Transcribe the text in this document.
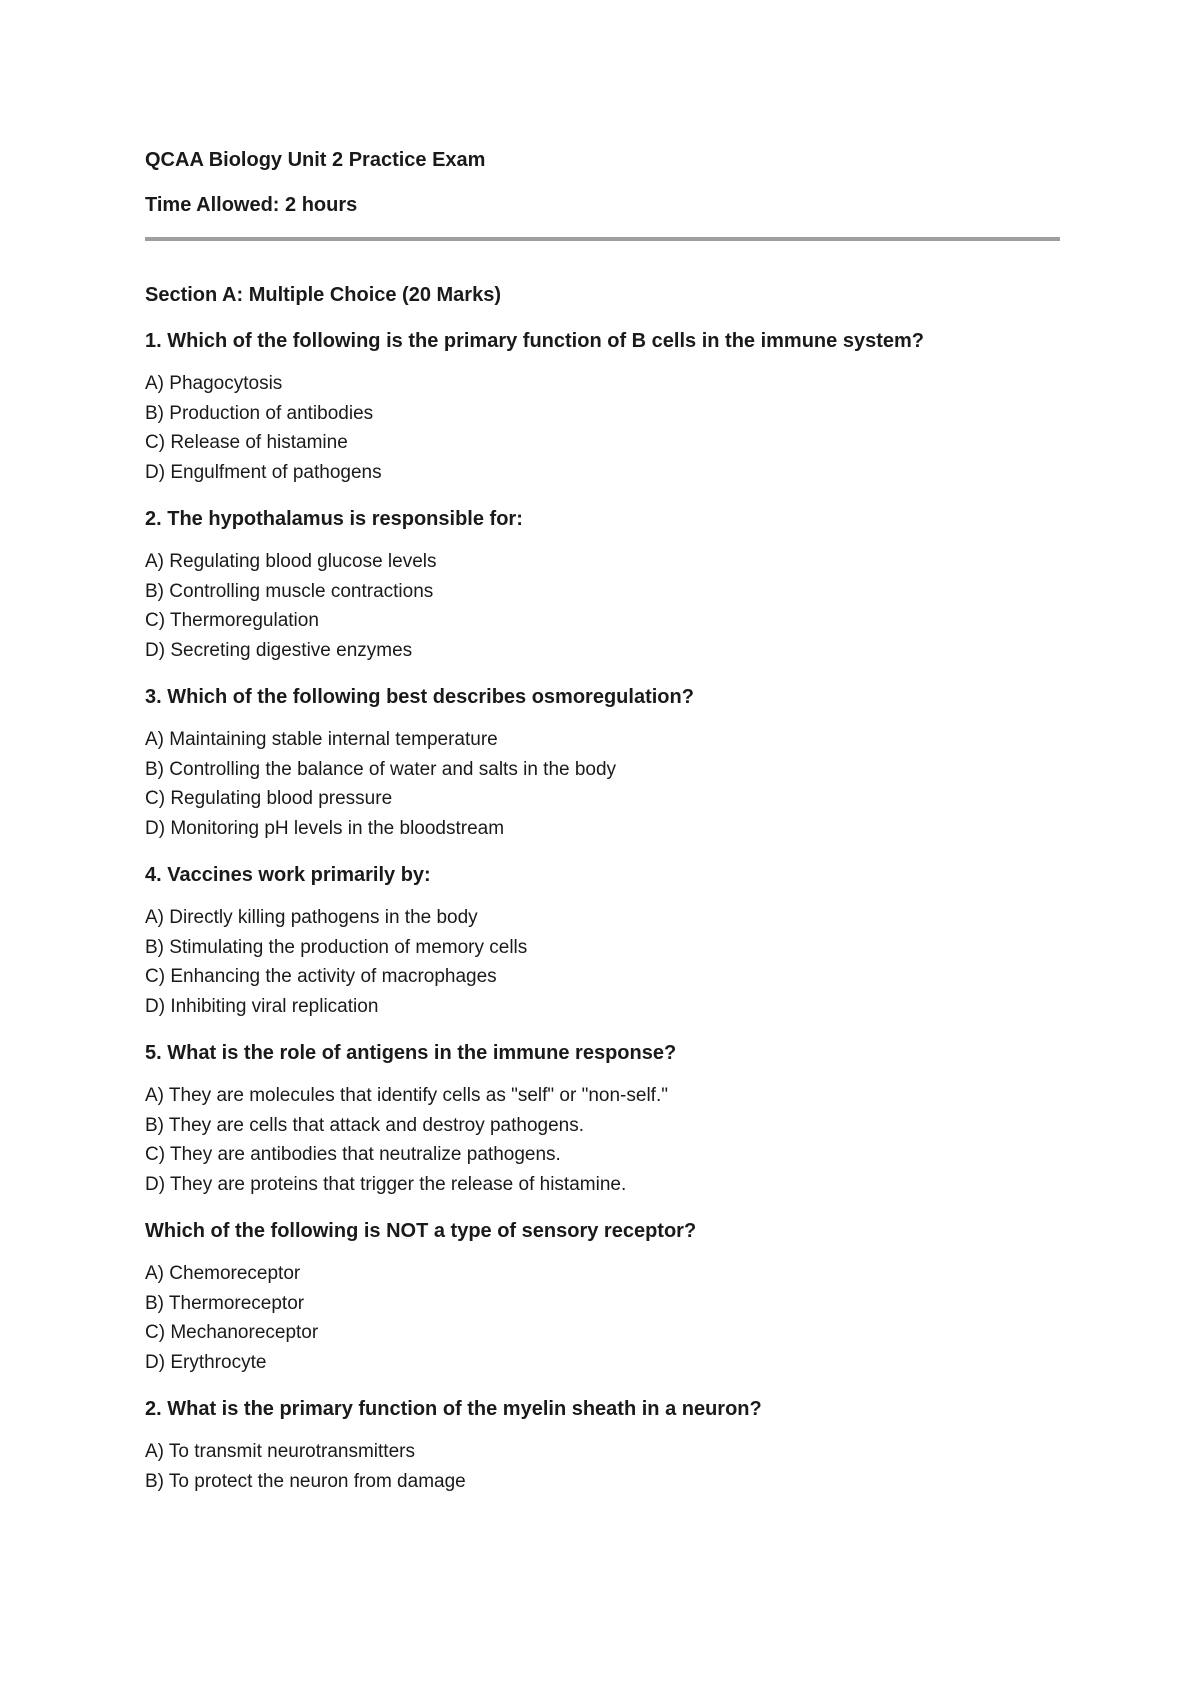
QCAA Biology Unit 2 Practice Exam

Time Allowed: 2 hours

Section A: Multiple Choice (20 Marks)

1. Which of the following is the primary function of B cells in the immune system?

A) Phagocytosis
B) Production of antibodies
C) Release of histamine
D) Engulfment of pathogens

2. The hypothalamus is responsible for:

A) Regulating blood glucose levels
B) Controlling muscle contractions
C) Thermoregulation
D) Secreting digestive enzymes

3. Which of the following best describes osmoregulation?

A) Maintaining stable internal temperature
B) Controlling the balance of water and salts in the body
C) Regulating blood pressure
D) Monitoring pH levels in the bloodstream

4. Vaccines work primarily by:

A) Directly killing pathogens in the body
B) Stimulating the production of memory cells
C) Enhancing the activity of macrophages
D) Inhibiting viral replication

5. What is the role of antigens in the immune response?

A) They are molecules that identify cells as "self" or "non-self."
B) They are cells that attack and destroy pathogens.
C) They are antibodies that neutralize pathogens.
D) They are proteins that trigger the release of histamine.

Which of the following is NOT a type of sensory receptor?

A) Chemoreceptor
B) Thermoreceptor
C) Mechanoreceptor
D) Erythrocyte

2. What is the primary function of the myelin sheath in a neuron?

A) To transmit neurotransmitters
B) To protect the neuron from damage
